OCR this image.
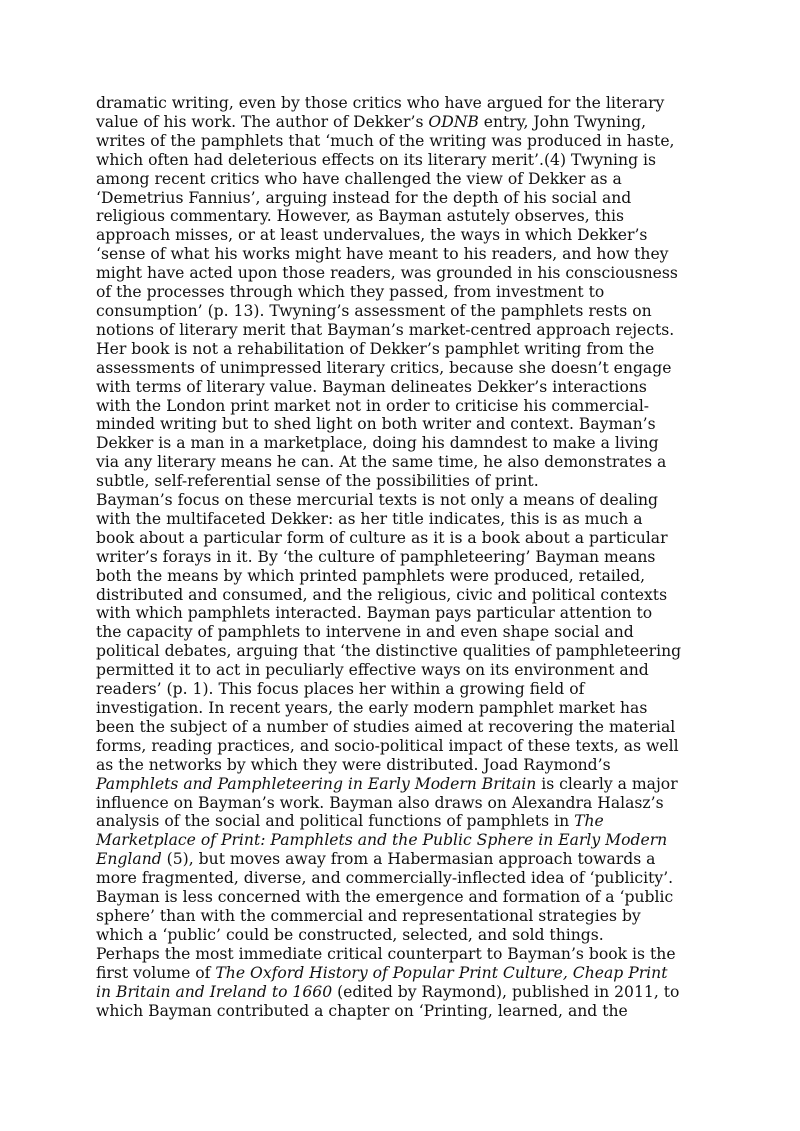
dramatic writing, even by those critics who have argued for the literary
value of his work. The author of Dekker’s ODNB entry, John Twyning,
writes of the pamphlets that ‘much of the writing was produced in haste,
which often had deleterious effects on its literary merit’.(4) Twyning is
among recent critics who have challenged the view of Dekker as a
‘Demetrius Fannius’, arguing instead for the depth of his social and
religious commentary. However, as Bayman astutely observes, this
approach misses, or at least undervalues, the ways in which Dekker’s
‘sense of what his works might have meant to his readers, and how they
might have acted upon those readers, was grounded in his consciousness
of the processes through which they passed, from investment to
consumption’ (p. 13). Twyning’s assessment of the pamphlets rests on
notions of literary merit that Bayman’s market-centred approach rejects.
Her book is not a rehabilitation of Dekker’s pamphlet writing from the
assessments of unimpressed literary critics, because she doesn’t engage
with terms of literary value. Bayman delineates Dekker’s interactions
with the London print market not in order to criticise his commercial-
minded writing but to shed light on both writer and context. Bayman’s
Dekker is a man in a marketplace, doing his damndest to make a living
via any literary means he can. At the same time, he also demonstrates a
subtle, self-referential sense of the possibilities of print.
Bayman’s focus on these mercurial texts is not only a means of dealing
with the multifaceted Dekker: as her title indicates, this is as much a
book about a particular form of culture as it is a book about a particular
writer’s forays in it. By ‘the culture of pamphleteering’ Bayman means
both the means by which printed pamphlets were produced, retailed,
distributed and consumed, and the religious, civic and political contexts
with which pamphlets interacted. Bayman pays particular attention to
the capacity of pamphlets to intervene in and even shape social and
political debates, arguing that ‘the distinctive qualities of pamphleteering
permitted it to act in peculiarly effective ways on its environment and
readers’ (p. 1). This focus places her within a growing field of
investigation. In recent years, the early modern pamphlet market has
been the subject of a number of studies aimed at recovering the material
forms, reading practices, and socio-political impact of these texts, as well
as the networks by which they were distributed. Joad Raymond’s
Pamphlets and Pamphleteering in Early Modern Britain is clearly a major
influence on Bayman’s work. Bayman also draws on Alexandra Halasz’s
analysis of the social and political functions of pamphlets in The
Marketplace of Print: Pamphlets and the Public Sphere in Early Modern
England (5), but moves away from a Habermasian approach towards a
more fragmented, diverse, and commercially-inflected idea of ‘publicity’.
Bayman is less concerned with the emergence and formation of a ‘public
sphere’ than with the commercial and representational strategies by
which a ‘public’ could be constructed, selected, and sold things.
Perhaps the most immediate critical counterpart to Bayman’s book is the
first volume of The Oxford History of Popular Print Culture, Cheap Print
in Britain and Ireland to 1660 (edited by Raymond), published in 2011, to
which Bayman contributed a chapter on ‘Printing, learned, and the
